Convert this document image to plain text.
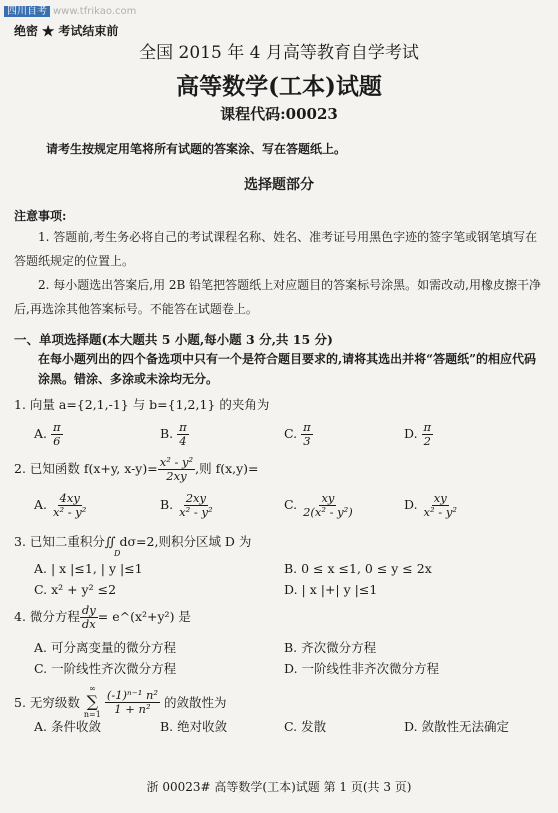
四川自考 www.tfrikao.com
绝密 ★ 考试结束前
全国 2015 年 4 月高等教育自学考试
高等数学(工本)试题
课程代码:00023
请考生按规定用笔将所有试题的答案涂、写在答题纸上。
选择题部分
注意事项:
1. 答题前,考生务必将自己的考试课程名称、姓名、准考证号用黑色字迹的签字笔或钢笔填写在答题纸规定的位置上。
2. 每小题选出答案后,用 2B 铅笔把答题纸上对应题目的答案标号涂黑。如需改动,用橡皮擦干净后,再选涂其他答案标号。不能答在试题卷上。
一、单项选择题(本大题共 5 小题,每小题 3 分,共 15 分)
在每小题列出的四个备选项中只有一个是符合题目要求的,请将其选出并将“答题纸”的相应代码涂黑。错涂、多涂或未涂均无分。
1. 向量 a={2,1,-1} 与 b={1,2,1} 的夹角为
A. $\frac{\pi}{6}$	B. $\frac{\pi}{4}$	C. $\frac{\pi}{3}$	D. $\frac{\pi}{2}$
2. 已知函数 f(x+y, $x-y)= \frac{\text{x² - y²}}{2xy}$ ,则 f(x,y)=
A. $\frac{4xy}{\text{x² - y²}}$	B. $\frac{2xy}{\text{x² - y²}}$	C. $\frac{xy}{\text{2(x² - y²)}}$	D. $\frac{xy}{\text{x² - y²}}$
3. 已知二重积分∬ dσ=2,则积分区域 D 为
D
A. | x |≤1, | y |≤1	B. 0 ≤ x ≤1, 0 ≤ y ≤ 2x
C. x² + y² ≤2	D. | x |+| y |≤1
4. 微分方程 $\frac{dy}{dx}$ = e^(x²+y²) 是
A. 可分离变量的微分方程	B. 齐次微分方程
C. 一阶线性齐次微分方程	D. 一阶线性非齐次微分方程
5. 无穷级数
∞
∑
n=1
$\frac{\text{(-1)ⁿ⁻¹ n²}}{\text{1 + n²}}$ 的敛散性为
A. 条件收敛	B. 绝对收敛	C. 发散	D. 敛散性无法确定
浙 00023# 高等数学(工本)试题 第 1 页(共 3 页)
